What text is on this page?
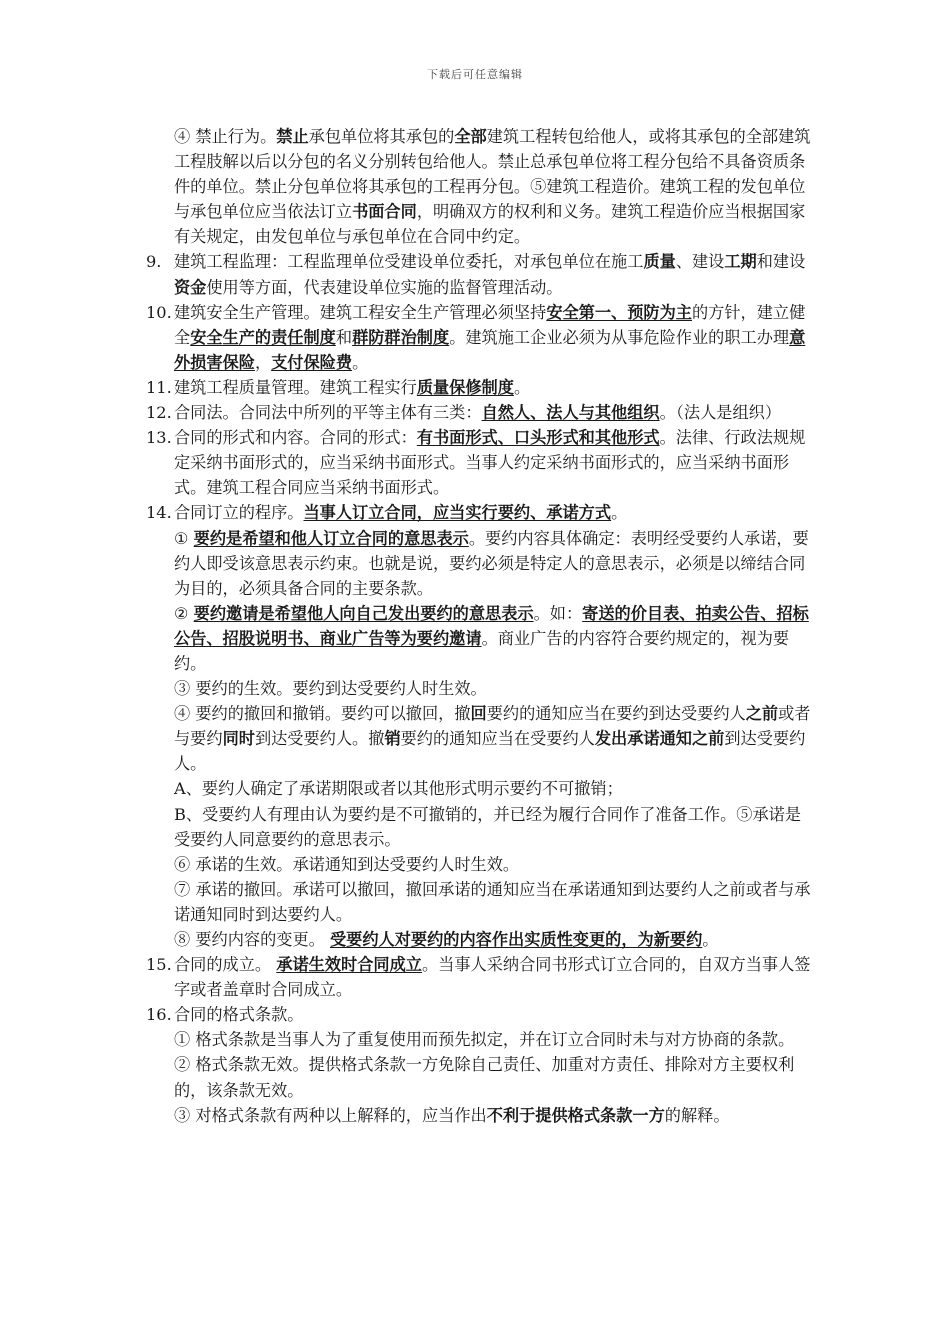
下载后可任意编辑
④ 禁止行为。禁止承包单位将其承包的全部建筑工程转包给他人，或将其承包的全部建筑工程肢解以后以分包的名义分别转包给他人。禁止总承包单位将工程分包给不具备资质条件的单位。禁止分包单位将其承包的工程再分包。⑤建筑工程造价。建筑工程的发包单位与承包单位应当依法订立书面合同，明确双方的权利和义务。建筑工程造价应当根据国家有关规定，由发包单位与承包单位在合同中约定。
9. 建筑工程监理：工程监理单位受建设单位委托，对承包单位在施工质量、建设工期和建设资金使用等方面，代表建设单位实施的监督管理活动。
10. 建筑安全生产管理。建筑工程安全生产管理必须坚持安全第一、预防为主的方针，建立健全安全生产的责任制度和群防群治制度。建筑施工企业必须为从事危险作业的职工办理意外损害保险，支付保险费。
11. 建筑工程质量管理。建筑工程实行质量保修制度。
12. 合同法。合同法中所列的平等主体有三类：自然人、法人与其他组织。（法人是组织）
13. 合同的形式和内容。合同的形式：有书面形式、口头形式和其他形式。法律、行政法规规定采纳书面形式的，应当采纳书面形式。当事人约定采纳书面形式的，应当采纳书面形式。建筑工程合同应当采纳书面形式。
14. 合同订立的程序。当事人订立合同，应当实行要约、承诺方式。
① 要约是希望和他人订立合同的意思表示。要约内容具体确定：表明经受要约人承诺，要约人即受该意思表示约束。也就是说，要约必须是特定人的意思表示，必须是以缔结合同为目的，必须具备合同的主要条款。
② 要约邀请是希望他人向自己发出要约的意思表示。如：寄送的价目表、拍卖公告、招标公告、招股说明书、商业广告等为要约邀请。商业广告的内容符合要约规定的，视为要约。
③ 要约的生效。要约到达受要约人时生效。
④ 要约的撤回和撤销。要约可以撤回，撤回要约的通知应当在要约到达受要约人之前或者与要约同时到达受要约人。撤销要约的通知应当在受要约人发出承诺通知之前到达受要约人。
A、要约人确定了承诺期限或者以其他形式明示要约不可撤销；
B、受要约人有理由认为要约是不可撤销的，并已经为履行合同作了准备工作。⑤承诺是受要约人同意要约的意思表示。
⑥ 承诺的生效。承诺通知到达受要约人时生效。
⑦ 承诺的撤回。承诺可以撤回，撤回承诺的通知应当在承诺通知到达要约人之前或者与承诺通知同时到达要约人。
⑧ 要约内容的变更。 受要约人对要约的内容作出实质性变更的，为新要约。
15. 合同的成立。 承诺生效时合同成立。当事人采纳合同书形式订立合同的，自双方当事人签字或者盖章时合同成立。
16. 合同的格式条款。
① 格式条款是当事人为了重复使用而预先拟定，并在订立合同时未与对方协商的条款。
② 格式条款无效。提供格式条款一方免除自己责任、加重对方责任、排除对方主要权利的，该条款无效。
③ 对格式条款有两种以上解释的，应当作出不利于提供格式条款一方的解释。
